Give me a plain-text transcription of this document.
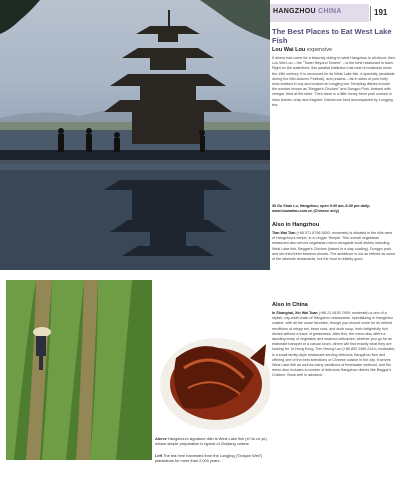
HANGZHOU CHINA	191
The Best Places to Eat West Lake Fish
Lou Wai Lou expensive
If diners had come for a leisurely outing to what Hangzhou is all about, then Lou Wai Lou – the "Tower Beyond Towers" – is the best restaurant in town. Right on the waterfront, this palatial institution has been in business since the 19th century. It is renowned for its West Lake fish, a specialty (available during the Mid-Autumn Festival), and prawns – fat in sides of pork belly slow-braised in soy and cooked at Longjing tea. Tempting dishes include the wonder known as "Beggar's Chicken" and Dongpo Pork, braised with vinegar, fried at the table. Then there is a little honey fresh pork cooked in lotus leaves, crisp and fragrant. Dishes are best accompanied by Longjing tea.
30 Gu Shan Lu, Hangzhou; open 9:30 am–8:30 pm daily; www.louwailou.com.cn (Chinese only)
Also in Hangzhou
Tian Wai Tian (+86 571 8796 5450; moderate) is situated in the hills west of Hangzhou's center, in a Lingyin Temple. This overall vegetarian restaurant also serves vegetarian menu alongside local dishes including West Lake fish, Beggar's Chicken (baked in a clay coating), Dongpo pork, and stir-fried fresh bamboo shoots. The ambience is not as refined as some of the lakeside restaurants, but the food is reliably good.
Also in China
In Shanghai, Xin Wai Tuan (+86 21 6439 7999; moderate) is one of a stylish, city-wide chain of Hangzhou restaurants, specializing in Hangzhou cuisine, with all the usual favorites, though you should come for its refined renditions of crispy eel, bean curd, and duck soup, both delightfully rich dishes without a trace of greasiness. After this, the menu also offers a dazzling array of vegetable and seafood delicacies, whether you go for an elaborate banquet or a casual lunch, diners will find exactly what they are looking for. In Hong Kong, Tien Heung Lau (+86 852 2366 2414; moderate) is a small family-style restaurant serving delicious Hangzhou fare and offering one of the best selections of Chinese cuisine in the city. It serves West Lake fish as well as many variations of freshwater seafood, and the menu also includes a number of delicious Hangzhou dishes like Beggar's Chicken. Book well in advance.
Above Hangzhou's signature dish is West Lake fish (xī hú cù yú), whose simple preparation is typical of Zhejiang cuisine
Left The tea here harvested from the Longjing ("Dragon Well") plantations for more than 2,000 years
